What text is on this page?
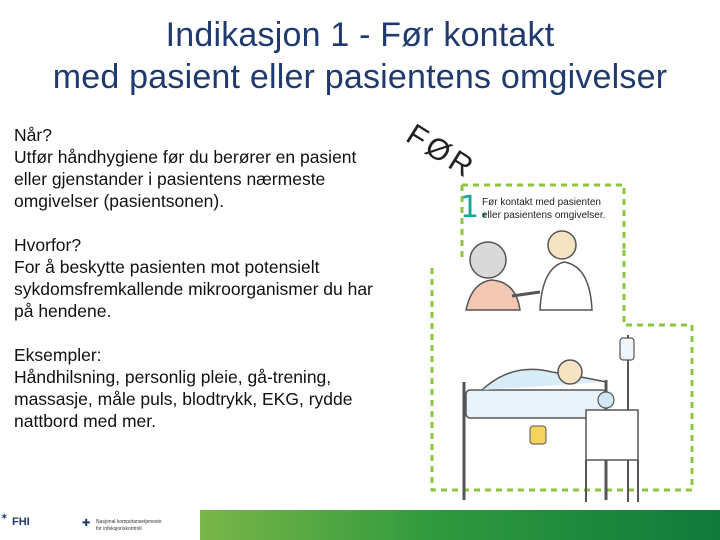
Indikasjon 1 - Før kontakt
med pasient eller pasientens omgivelser
Når?
Utfør håndhygiene før du berører en pasient eller gjenstander i pasientens nærmeste omgivelser (pasientsonen).
Hvorfor?
For å beskytte pasienten mot potensielt sykdomsfremkallende mikroorganismer du har på hendene.
Eksempler:
Håndhilsning, personlig pleie, gå-trening, massasje, måle puls, blodtrykk, EKG, rydde nattbord med mer.
FØR
1.
Før kontakt med pasienten
eller pasientens omgivelser.
✶ FHI	✚ Nasjonal kompetansetjeneste
for infeksjonskontroll
